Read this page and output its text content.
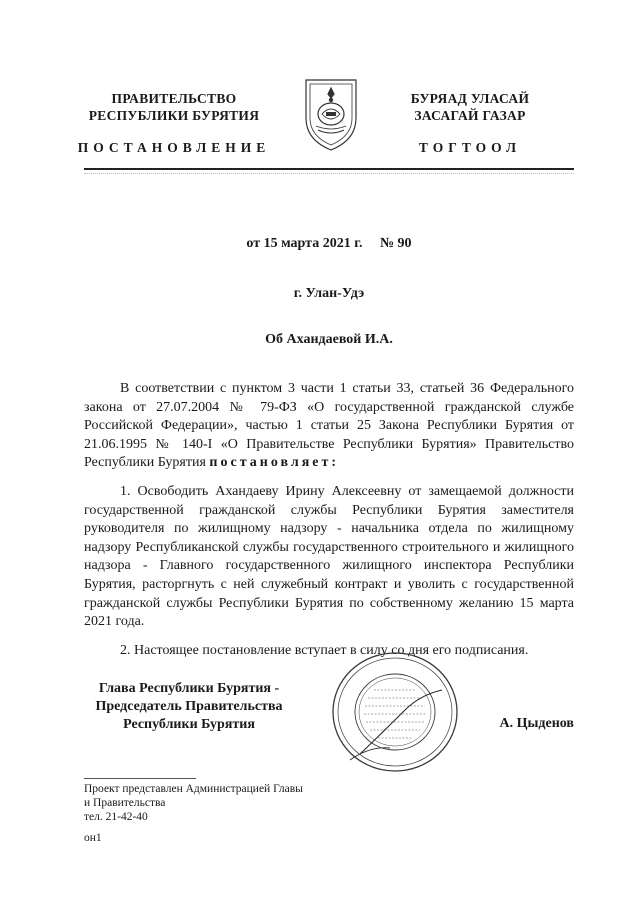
ПРАВИТЕЛЬСТВО
РЕСПУБЛИКИ БУРЯТИЯ
БУРЯАД УЛАСАЙ
ЗАСАГАЙ ГАЗАР
ПОСТАНОВЛЕНИЕ	ТОГТООЛ
от 15 марта 2021 г. № 90
г. Улан-Удэ
Об Ахандаевой И.А.

В соответствии с пунктом 3 части 1 статьи 33, статьей 36 Федерального закона от 27.07.2004 № 79-ФЗ «О государственной гражданской службе Российской Федерации», частью 1 статьи 25 Закона Республики Бурятия от 21.06.1995 № 140-I «О Правительстве Республики Бурятия» Правительство Республики Бурятия постановляет:

1. Освободить Ахандаеву Ирину Алексеевну от замещаемой должности государственной гражданской службы Республики Бурятия заместителя руководителя по жилищному надзору - начальника отдела по жилищному надзору Республиканской службы государственного строительного и жилищного надзора - Главного государственного жилищного инспектора Республики Бурятия, расторгнуть с ней служебный контракт и уволить с государственной гражданской службы Республики Бурятия по собственному желанию 15 марта 2021 года.

2. Настоящее постановление вступает в силу со дня его подписания.

Глава Республики Бурятия -
Председатель Правительства
Республики Бурятия	А. Цыденов
Проект представлен Администрацией Главы
и Правительства
тел. 21-42-40
он1
